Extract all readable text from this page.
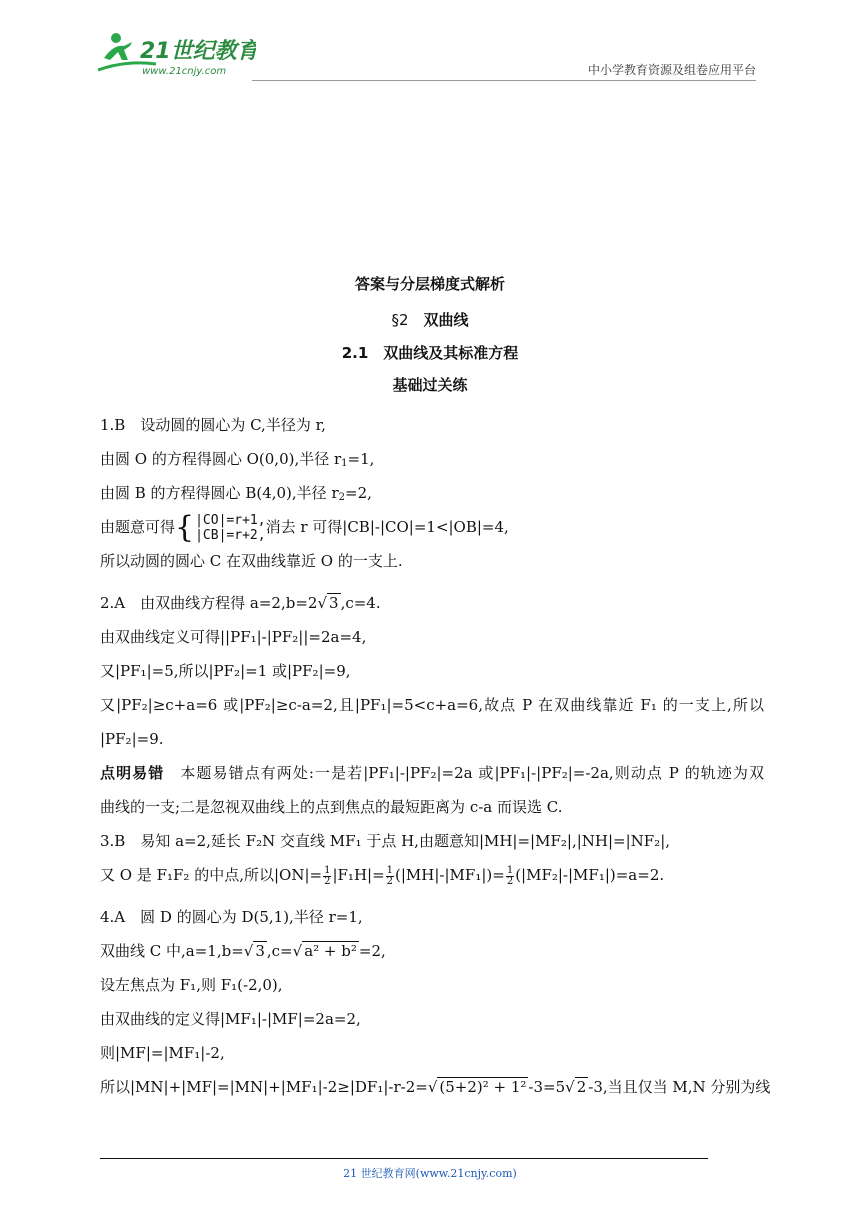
21世纪教育
www.21cnjy.com	中小学教育资源及组卷应用平台
答案与分层梯度式解析
§2  双曲线
2.1  双曲线及其标准方程
基础过关练
1.B　设动圆的圆心为 C,半径为 r,
由圆 O 的方程得圆心 O(0,0),半径 $r_1=1$,
由圆 B 的方程得圆心 B(4,0),半径 $r_2=2$,
由题意可得 { |CO|=r+1,
|CB|=r+2, 消去 r 可得|CB|-|CO|=1<|OB|=4,
所以动圆的圆心 C 在双曲线靠近 O 的一支上.
2.A　由双曲线方程得 a=2,b=2√ 3 ,c=4.
由双曲线定义可得||PF₁|-|PF₂||=2a=4,
又|PF₁|=5,所以|PF₂|=1 或|PF₂|=9,
又|PF₂|≥c+a=6 或|PF₂|≥c-a=2,且|PF₁|=5<c+a=6,故点 P 在双曲线靠近 F₁ 的一支上,所以
|PF₂|=9.
点明易错　本题易错点有两处:一是若|PF₁|-|PF₂|=2a 或|PF₁|-|PF₂|=-2a,则动点 P 的轨迹为双
曲线的一支;二是忽视双曲线上的点到焦点的最短距离为 c-a 而误选 C.
3.B　易知 a=2,延长 F₂N 交直线 MF₁ 于点 H,由题意知|MH|=|MF₂|,|NH|=|NF₂|,
又 O 是 F₁F₂ 的中点,所以$|ON|= \frac{1}{2} |F_1H|= \frac{1}{2} (|MH|-|MF_1|)= \frac{1}{2} (|MF_2|-|MF_1|)=a=2$.
4.A　圆 D 的圆心为 D(5,1),半径 r=1,
双曲线 C 中,a=1,b=√ 3 ,c=√ a² + b² =2,
设左焦点为 F₁,则 F₁(-2,0),
由双曲线的定义得|MF₁|-|MF|=2a=2,
则|MF|=|MF₁|-2,
所以|MN|+|MF|=|MN|+|MF₁|-2≥|DF₁|-r-2=√ (5+2)² + 1² -3=5√ 2 -3,当且仅当 M,N 分别为线
21 世纪教育网(www.21cnjy.com)
